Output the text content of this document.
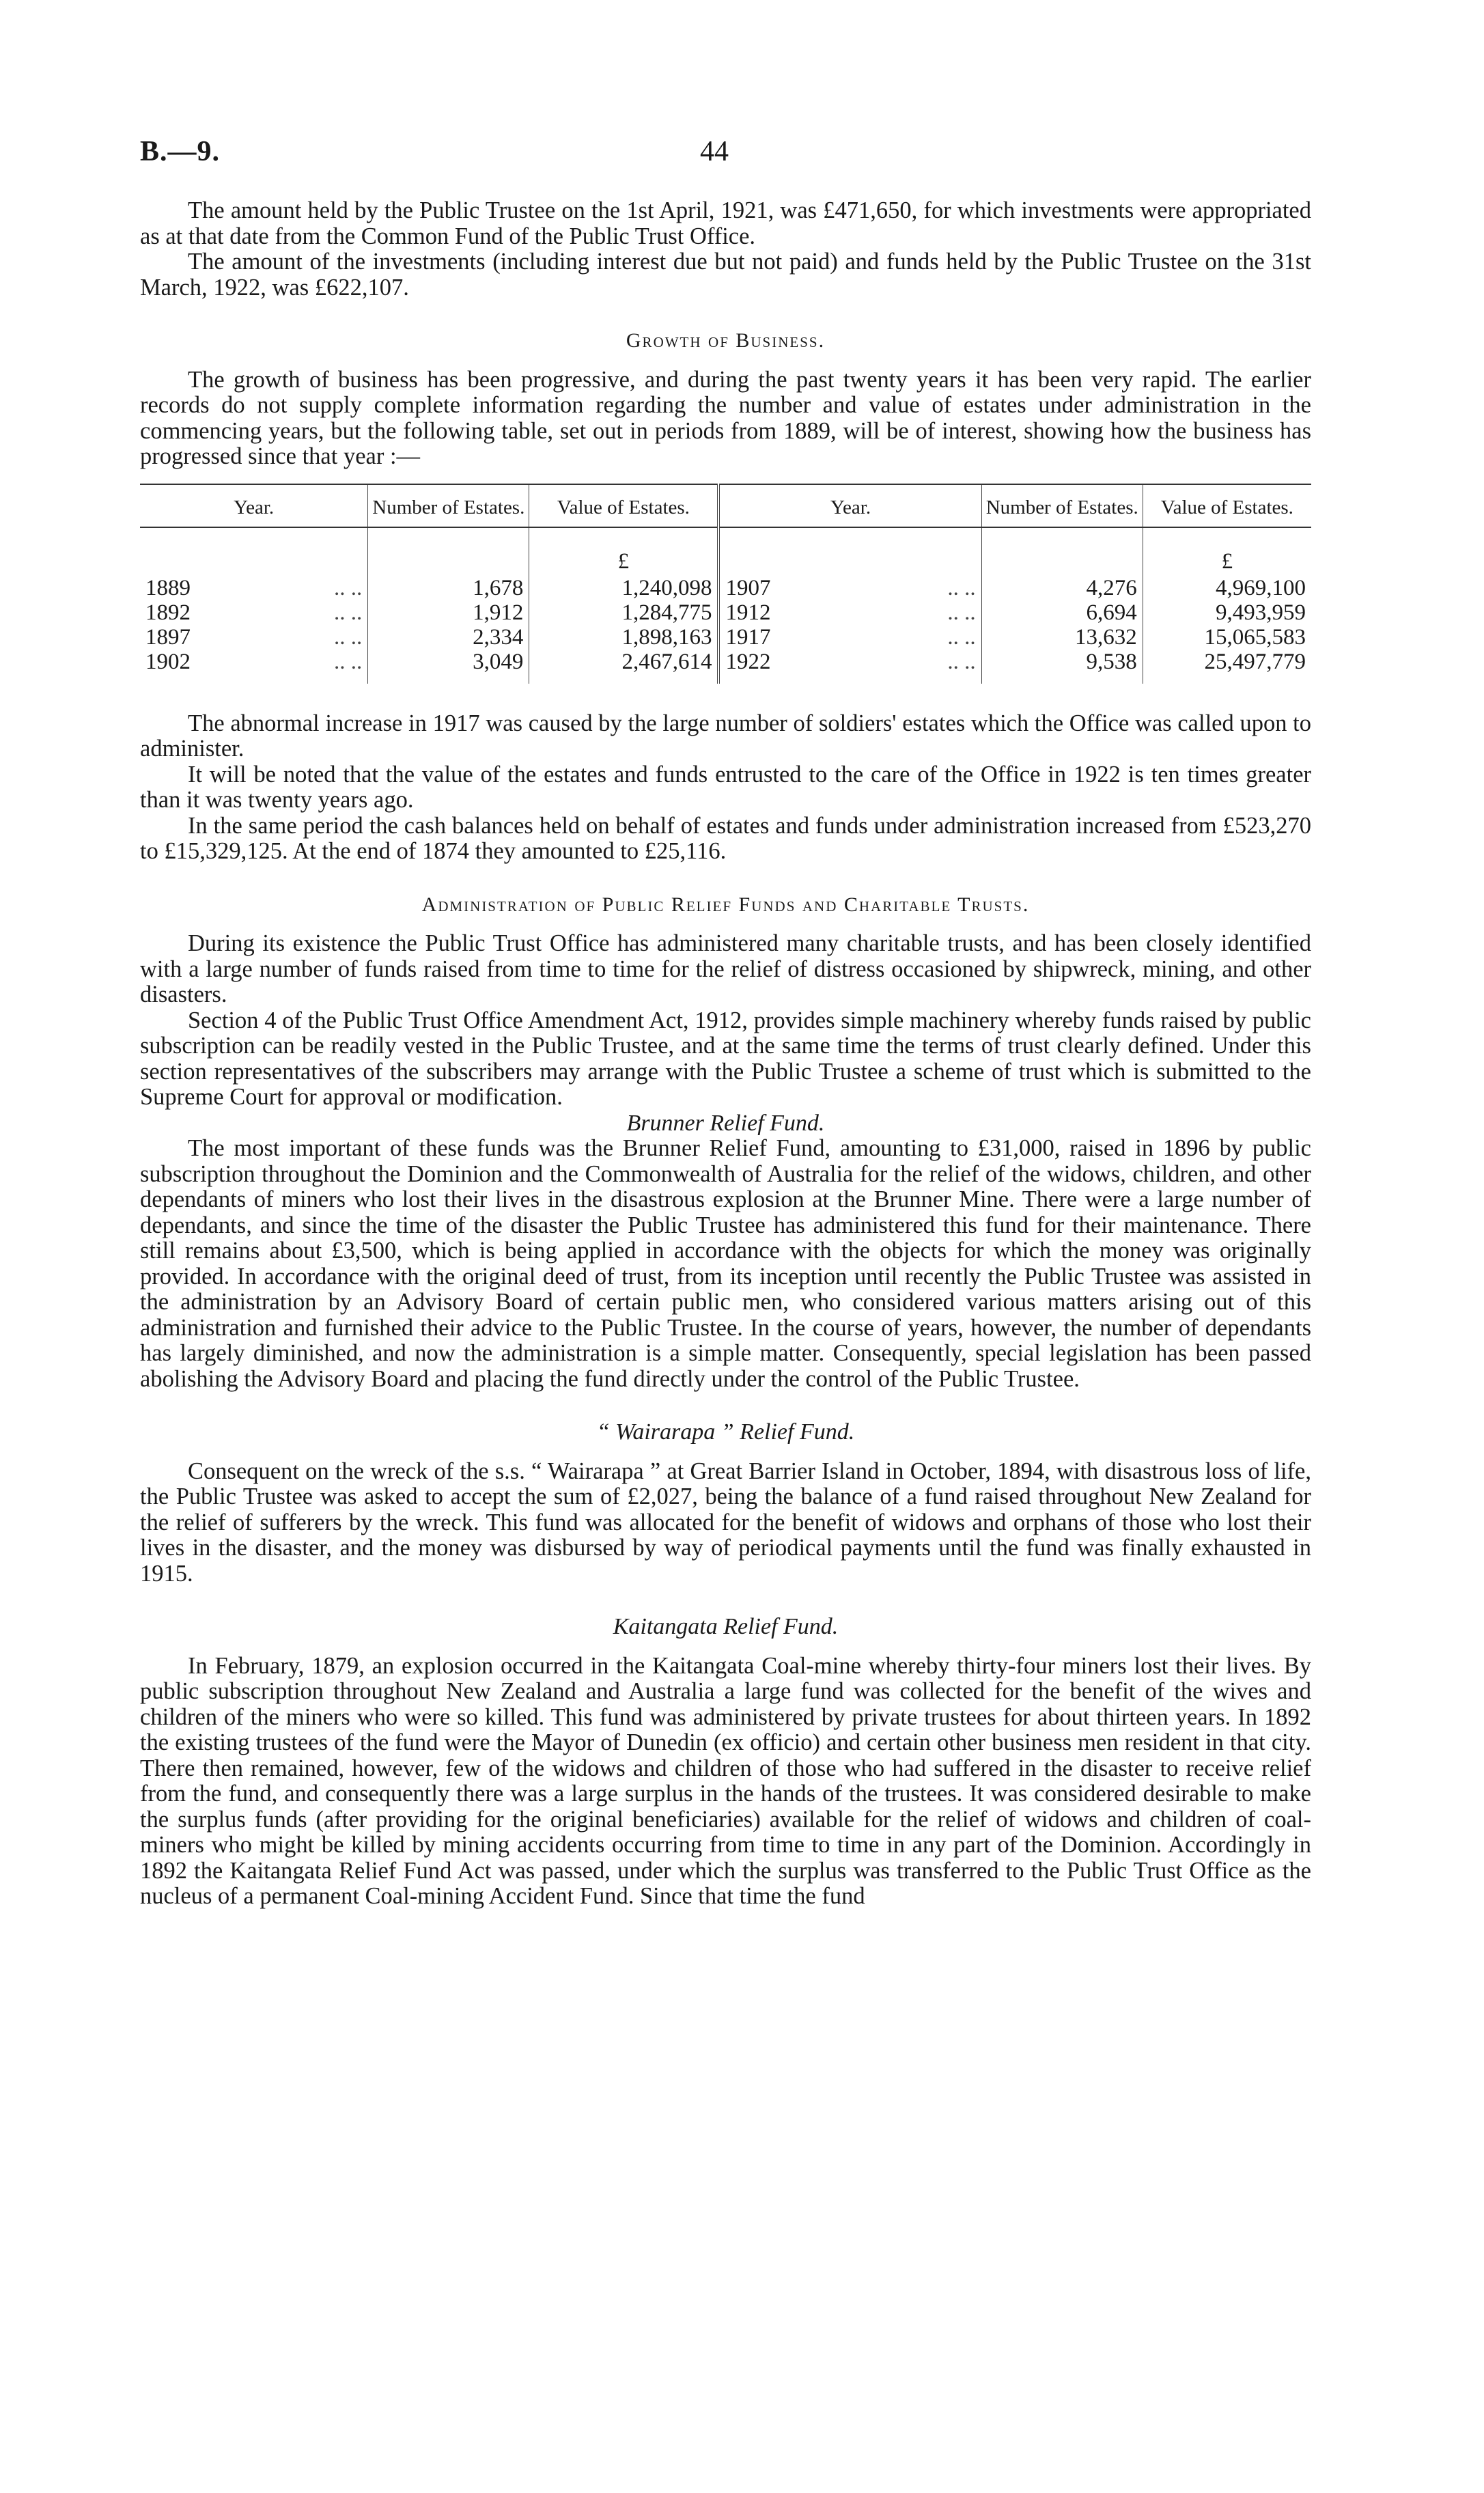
B.—9.	44

The amount held by the Public Trustee on the 1st April, 1921, was £471,650, for which investments were appropriated as at that date from the Common Fund of the Public Trust Office.

The amount of the investments (including interest due but not paid) and funds held by the Public Trustee on the 31st March, 1922, was £622,107.

Growth of Business.

The growth of business has been progressive, and during the past twenty years it has been very rapid. The earlier records do not supply complete information regarding the number and value of estates under administration in the commencing years, but the following table, set out in periods from 1889, will be of interest, showing how the business has progressed since that year :—

Year.	Number of Estates.	Value of Estates.	Year.	Number of Estates.	Value of Estates.
		£			£

1889 .. ..	1,678	1,240,098	1907 .. ..	4,276	4,969,100

1892 .. ..	1,912	1,284,775	1912 .. ..	6,694	9,493,959

1897 .. ..	2,334	1,898,163	1917 .. ..	13,632	15,065,583

1902 .. ..	3,049	2,467,614	1922 .. ..	9,538	25,497,779

The abnormal increase in 1917 was caused by the large number of soldiers' estates which the Office was called upon to administer.

It will be noted that the value of the estates and funds entrusted to the care of the Office in 1922 is ten times greater than it was twenty years ago.

In the same period the cash balances held on behalf of estates and funds under administration increased from £523,270 to £15,329,125. At the end of 1874 they amounted to £25,116.

Administration of Public Relief Funds and Charitable Trusts.

During its existence the Public Trust Office has administered many charitable trusts, and has been closely identified with a large number of funds raised from time to time for the relief of distress occasioned by shipwreck, mining, and other disasters.

Section 4 of the Public Trust Office Amendment Act, 1912, provides simple machinery whereby funds raised by public subscription can be readily vested in the Public Trustee, and at the same time the terms of trust clearly defined. Under this section representatives of the subscribers may arrange with the Public Trustee a scheme of trust which is submitted to the Supreme Court for approval or modification.

Brunner Relief Fund.

The most important of these funds was the Brunner Relief Fund, amounting to £31,000, raised in 1896 by public subscription throughout the Dominion and the Commonwealth of Australia for the relief of the widows, children, and other dependants of miners who lost their lives in the disastrous explosion at the Brunner Mine. There were a large number of dependants, and since the time of the disaster the Public Trustee has administered this fund for their maintenance. There still remains about £3,500, which is being applied in accordance with the objects for which the money was originally provided. In accordance with the original deed of trust, from its inception until recently the Public Trustee was assisted in the administration by an Advisory Board of certain public men, who considered various matters arising out of this administration and furnished their advice to the Public Trustee. In the course of years, however, the number of dependants has largely diminished, and now the administration is a simple matter. Consequently, special legislation has been passed abolishing the Advisory Board and placing the fund directly under the control of the Public Trustee.

“ Wairarapa ” Relief Fund.

Consequent on the wreck of the s.s. “ Wairarapa ” at Great Barrier Island in October, 1894, with disastrous loss of life, the Public Trustee was asked to accept the sum of £2,027, being the balance of a fund raised throughout New Zealand for the relief of sufferers by the wreck. This fund was allocated for the benefit of widows and orphans of those who lost their lives in the disaster, and the money was disbursed by way of periodical payments until the fund was finally exhausted in 1915.

Kaitangata Relief Fund.

In February, 1879, an explosion occurred in the Kaitangata Coal-mine whereby thirty-four miners lost their lives. By public subscription throughout New Zealand and Australia a large fund was collected for the benefit of the wives and children of the miners who were so killed. This fund was administered by private trustees for about thirteen years. In 1892 the existing trustees of the fund were the Mayor of Dunedin (ex officio) and certain other business men resident in that city. There then remained, however, few of the widows and children of those who had suffered in the disaster to receive relief from the fund, and consequently there was a large surplus in the hands of the trustees. It was considered desirable to make the surplus funds (after providing for the original beneficiaries) available for the relief of widows and children of coal-miners who might be killed by mining accidents occurring from time to time in any part of the Dominion. Accordingly in 1892 the Kaitangata Relief Fund Act was passed, under which the surplus was transferred to the Public Trust Office as the nucleus of a permanent Coal-mining Accident Fund. Since that time the fund
